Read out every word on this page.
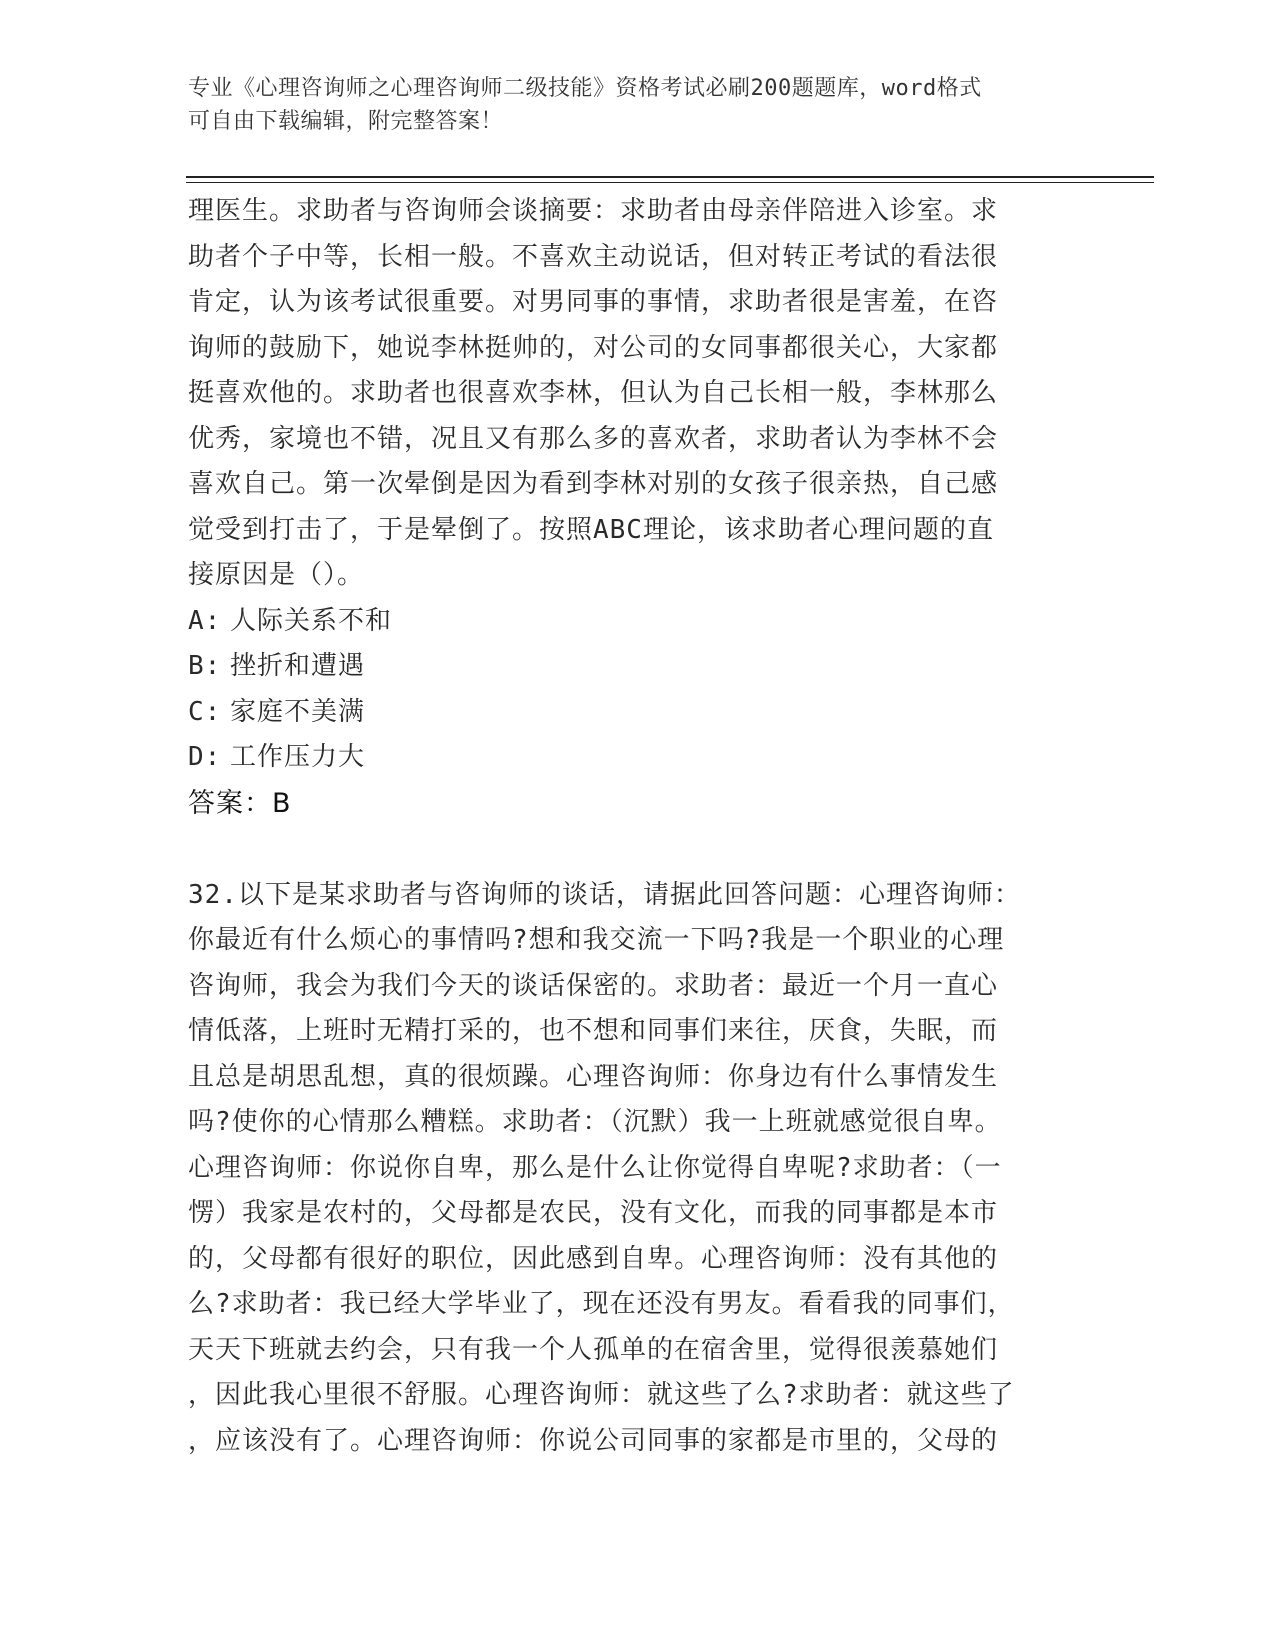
专业《心理咨询师之心理咨询师二级技能》资格考试必刷200题题库，word格式
可自由下载编辑，附完整答案！
理医生。求助者与咨询师会谈摘要：求助者由母亲伴陪进入诊室。求
助者个子中等，长相一般。不喜欢主动说话，但对转正考试的看法很
肯定，认为该考试很重要。对男同事的事情，求助者很是害羞，在咨
询师的鼓励下，她说李林挺帅的，对公司的女同事都很关心，大家都
挺喜欢他的。求助者也很喜欢李林，但认为自己长相一般，李林那么
优秀，家境也不错，况且又有那么多的喜欢者，求助者认为李林不会
喜欢自己。第一次晕倒是因为看到李林对别的女孩子很亲热，自己感
觉受到打击了，于是晕倒了。按照ABC理论，该求助者心理问题的直
接原因是（）。
A: 人际关系不和
B: 挫折和遭遇
C: 家庭不美满
D: 工作压力大
答案：B
32.以下是某求助者与咨询师的谈话，请据此回答问题：心理咨询师：
你最近有什么烦心的事情吗?想和我交流一下吗?我是一个职业的心理
咨询师，我会为我们今天的谈话保密的。求助者：最近一个月一直心
情低落，上班时无精打采的，也不想和同事们来往，厌食，失眠，而
且总是胡思乱想，真的很烦躁。心理咨询师：你身边有什么事情发生
吗?使你的心情那么糟糕。求助者：（沉默）我一上班就感觉很自卑。
心理咨询师：你说你自卑，那么是什么让你觉得自卑呢?求助者：（一
愣）我家是农村的，父母都是农民，没有文化，而我的同事都是本市
的，父母都有很好的职位，因此感到自卑。心理咨询师：没有其他的
么?求助者：我已经大学毕业了，现在还没有男友。看看我的同事们，
天天下班就去约会，只有我一个人孤单的在宿舍里，觉得很羡慕她们
，因此我心里很不舒服。心理咨询师：就这些了么?求助者：就这些了
，应该没有了。心理咨询师：你说公司同事的家都是市里的，父母的
